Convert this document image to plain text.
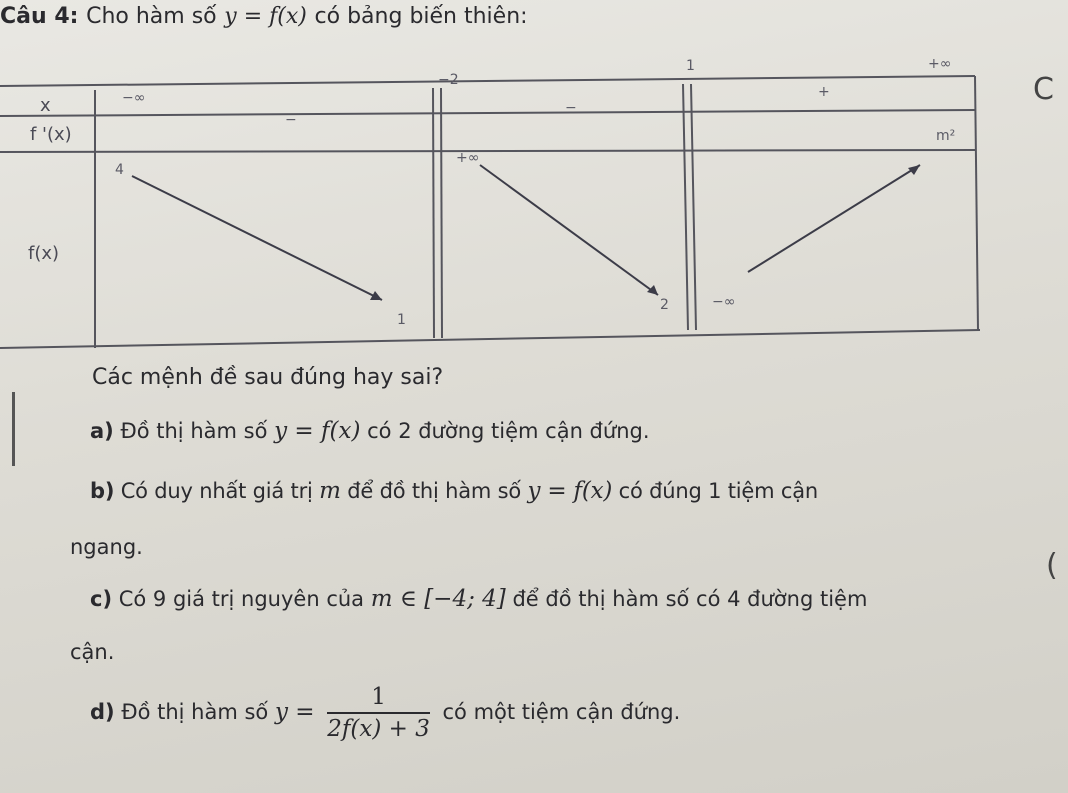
Câu 4: Cho hàm số y = f(x) có bảng biến thiên:
x
f '(x)
f(x)
−∞
−2
1	+∞
−
−
+
4
1
+∞
2	−∞
m²
C
(
Các mệnh đề sau đúng hay sai?
a) Đồ thị hàm số y = f(x) có 2 đường tiệm cận đứng.
b) Có duy nhất giá trị m để đồ thị hàm số y = f(x) có đúng 1 tiệm cận
ngang.
c) Có 9 giá trị nguyên của m ∈ [−4; 4] để đồ thị hàm số có 4 đường tiệm
cận.
d) Đồ thị hàm số $y = \frac{1}{2f(x) + 3}$ có một tiệm cận đứng.
